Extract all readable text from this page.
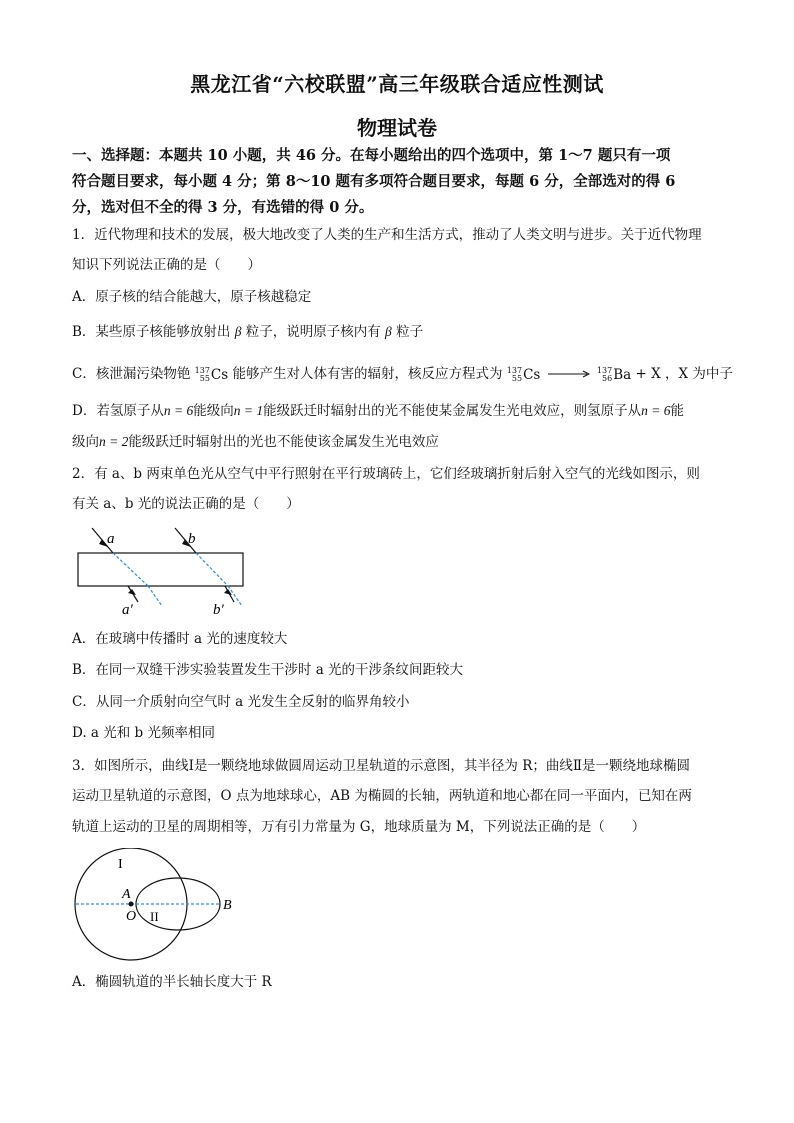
黑龙江省“六校联盟”高三年级联合适应性测试
物理试卷
一、选择题：本题共 10 小题，共 46 分。在每小题给出的四个选项中，第 1～7 题只有一项
符合题目要求，每小题 4 分；第 8～10 题有多项符合题目要求，每题 6 分，全部选对的得 6
分，选对但不全的得 3 分，有选错的得 0 分。
1．近代物理和技术的发展，极大地改变了人类的生产和生活方式，推动了人类文明与进步。关于近代物理
知识下列说法正确的是（　　）
A．原子核的结合能越大，原子核越稳定
B．某些原子核能够放射出 β 粒子，说明原子核内有 β 粒子
C．核泄漏污染物铯 137
55 Cs 能够产生对人体有害的辐射，核反应方程式为 137
55 Cs → 137
56 Ba + X ，X 为中子
D．若氢原子从n = 6能级向n = 1能级跃迁时辐射出的光不能使某金属发生光电效应，则氢原子从n = 6能
级向n = 2能级跃迁时辐射出的光也不能使该金属发生光电效应
2．有 a、b 两束单色光从空气中平行照射在平行玻璃砖上，它们经玻璃折射后射入空气的光线如图示，则
有关 a、b 光的说法正确的是（　　）
a	b
a′	b′
A．在玻璃中传播时 a 光的速度较大
B．在同一双缝干涉实验装置发生干涉时 a 光的干涉条纹间距较大
C．从同一介质射向空气时 a 光发生全反射的临界角较小
D. a 光和 b 光频率相同
3．如图所示，曲线Ⅰ是一颗绕地球做圆周运动卫星轨道的示意图，其半径为 R；曲线Ⅱ是一颗绕地球椭圆
运动卫星轨道的示意图，O 点为地球球心，AB 为椭圆的长轴，两轨道和地心都在同一平面内，已知在两
轨道上运动的卫星的周期相等，万有引力常量为 G，地球质量为 M，下列说法正确的是（　　）
I
II
O
A
B
A．椭圆轨道的半长轴长度大于 R
